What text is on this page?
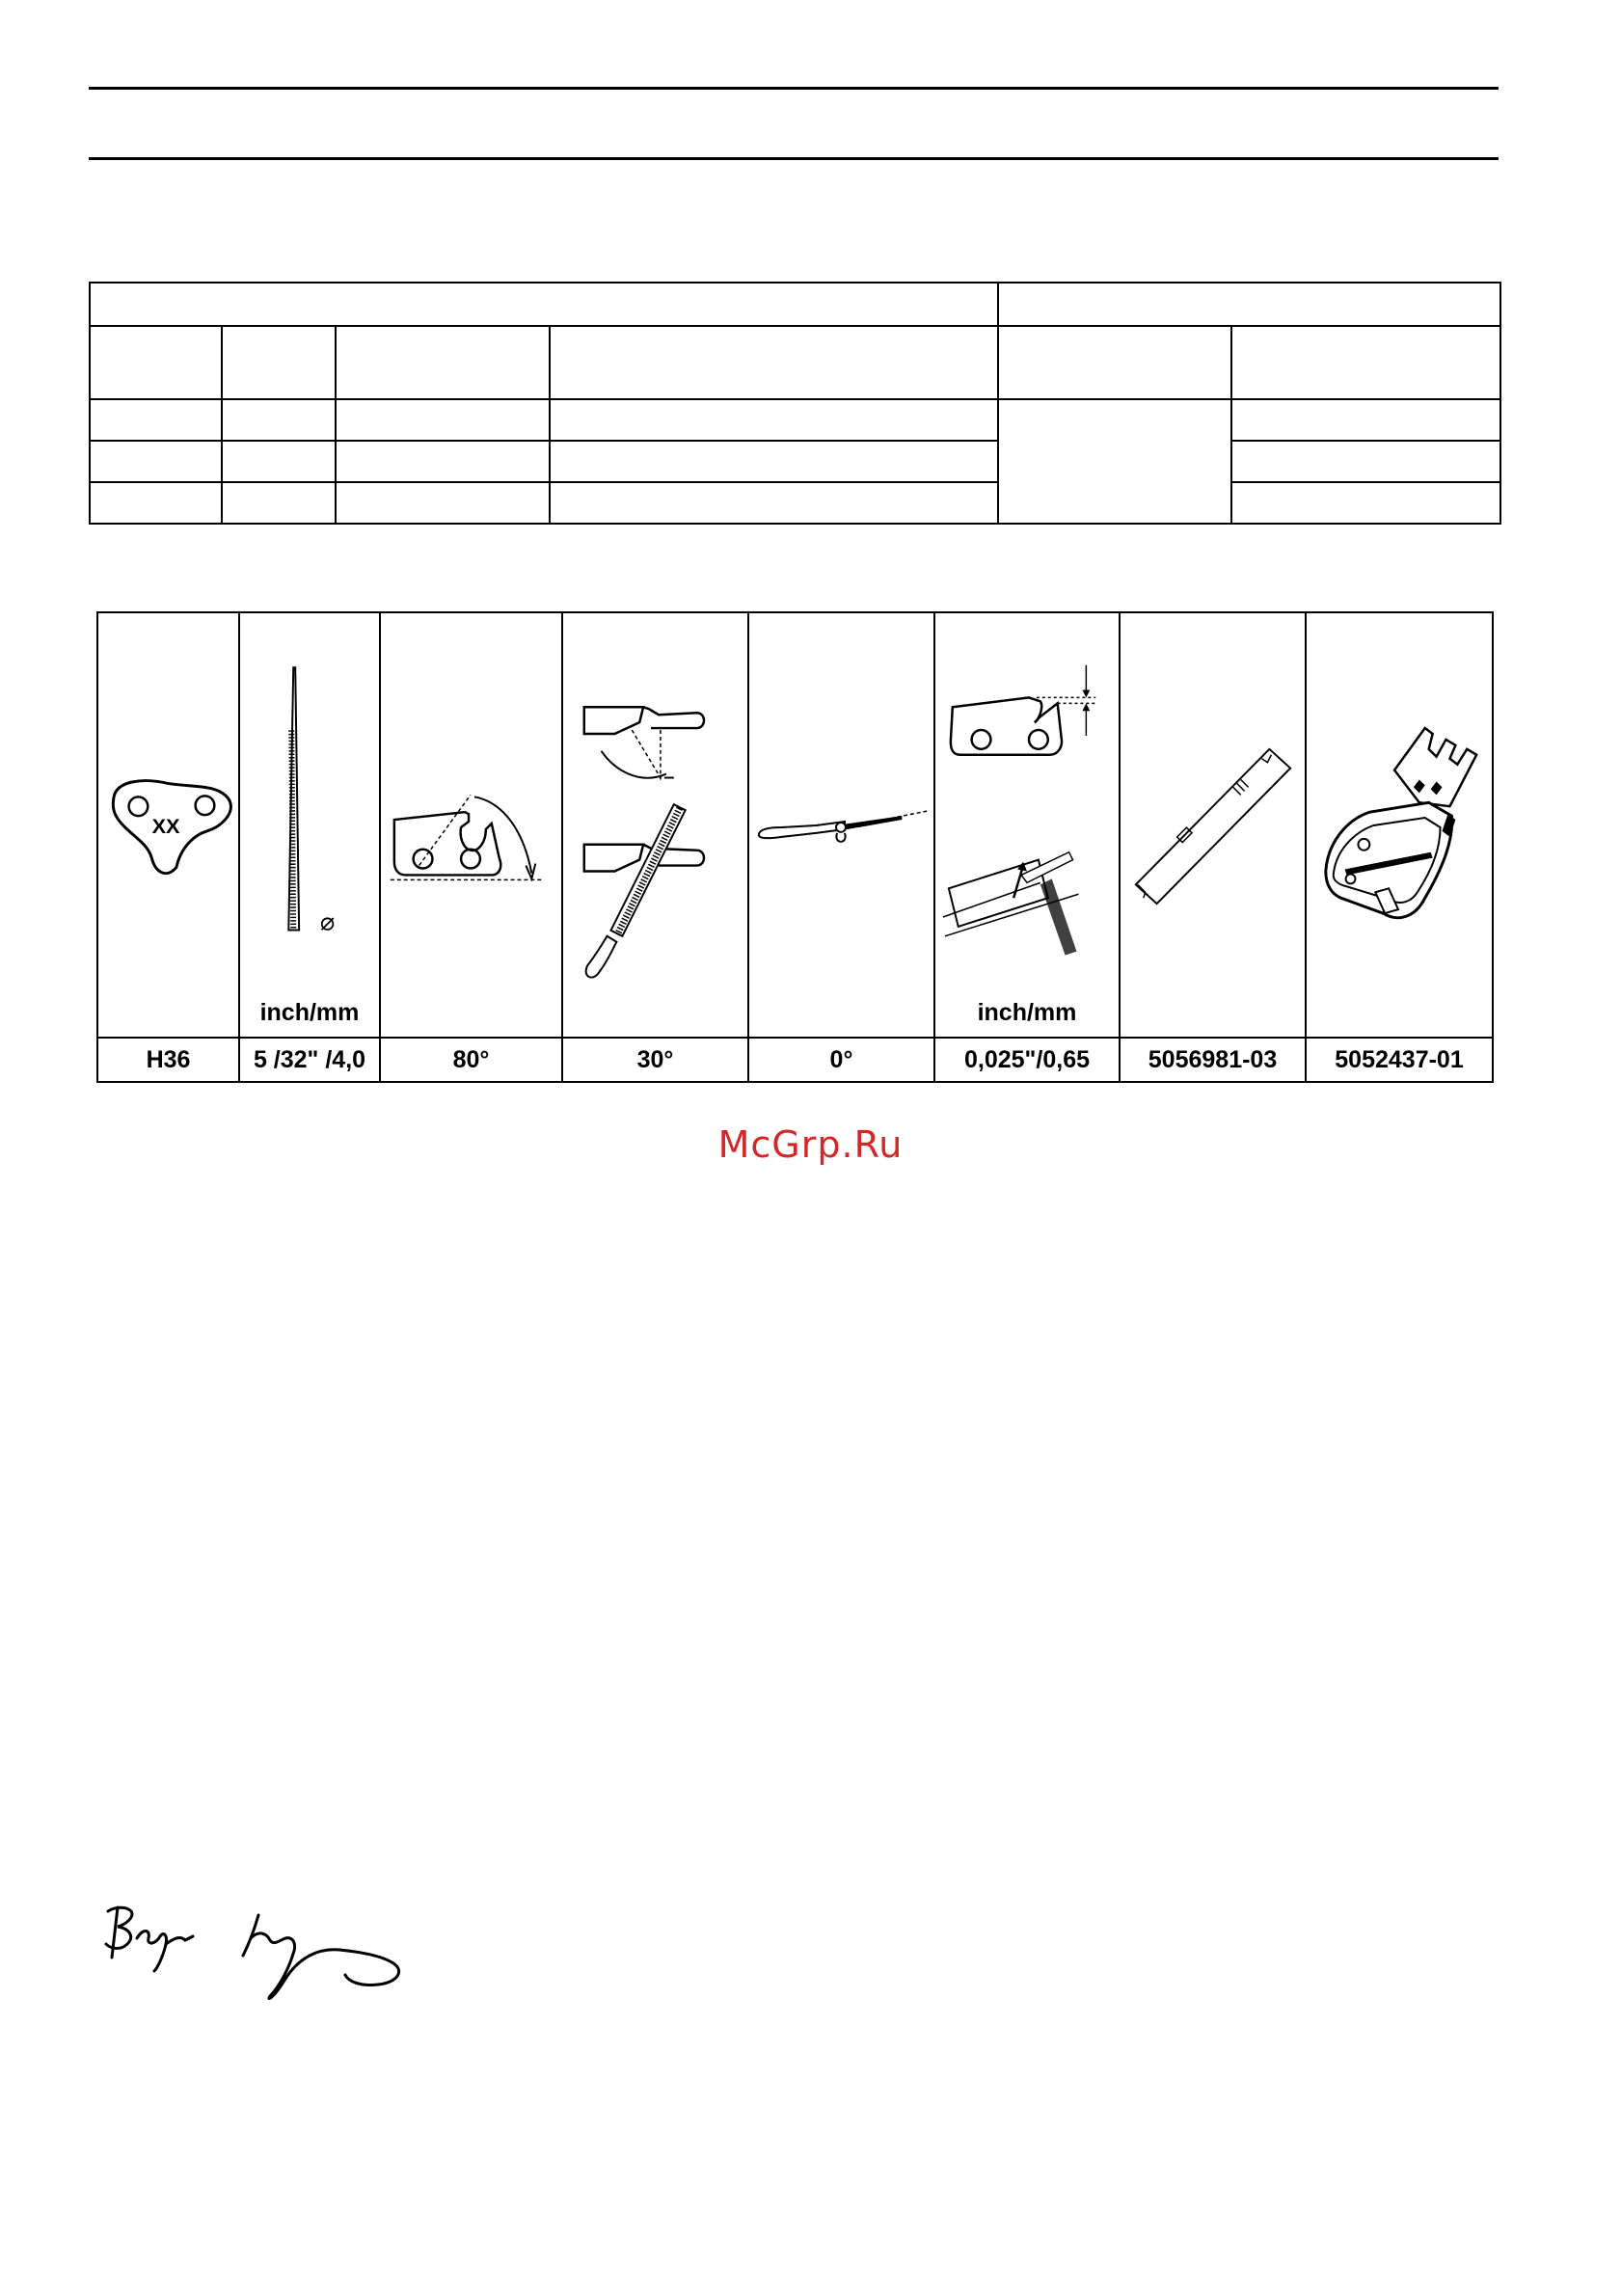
XX	⌀
inch/mm				inch/mm

H36	5 /32" /4,0	80°	30°	0°	0,025"/0,65	5056981-03	5052437-01
McGrp.Ru
